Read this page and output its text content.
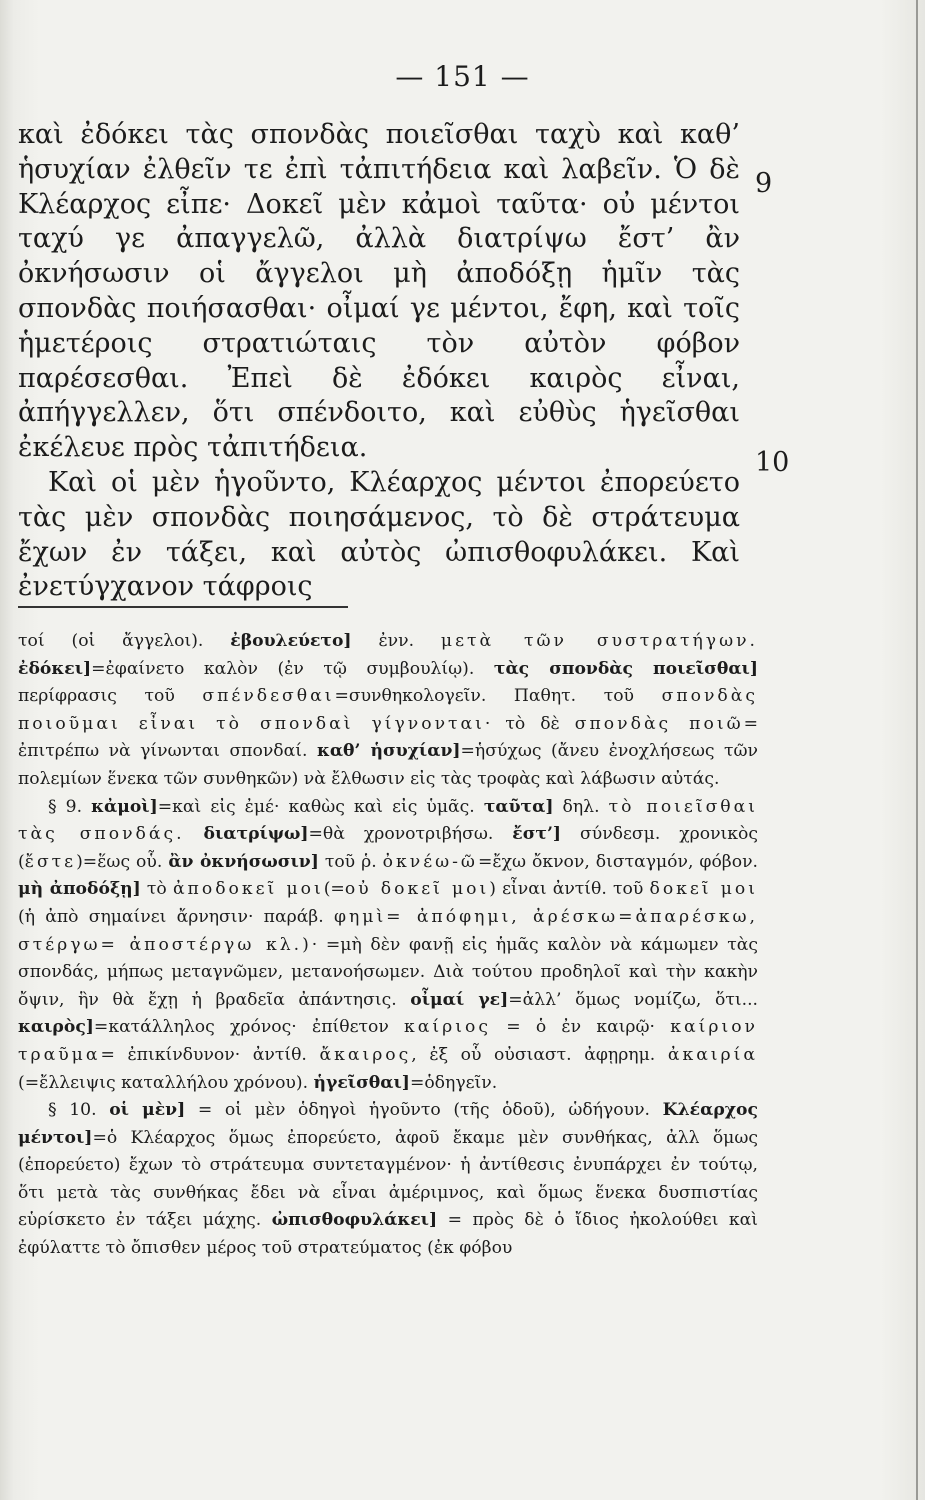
— 151 —

καὶ ἐδόκει τὰς σπονδὰς ποιεῖσθαι ταχὺ καὶ καθ’ ἡσυχίαν ἐλθεῖν τε ἐπὶ τἀπιτήδεια καὶ λαβεῖν. Ὁ δὲ Κλέαρχος εἶπε· Δοκεῖ μὲν κἀμοὶ ταῦτα· οὐ μέντοι ταχύ γε ἀπαγγελῶ, ἀλλὰ διατρίψω ἔστ’ ἂν ὀκνήσωσιν οἱ ἄγγελοι μὴ ἀποδόξῃ ἡμῖν τὰς σπονδὰς ποιήσασθαι· οἶμαί γε μέντοι, ἔφη, καὶ τοῖς ἡμετέροις στρατιώταις τὸν αὐτὸν φόβον παρέσεσθαι. Ἐπεὶ δὲ ἐδόκει καιρὸς εἶναι, ἀπήγγελλεν, ὅτι σπένδοιτο, καὶ εὐθὺς ἡγεῖσθαι ἐκέλευε πρὸς τἀπιτήδεια.

Καὶ οἱ μὲν ἡγοῦντο, Κλέαρχος μέντοι ἐπορεύετο τὰς μὲν σπονδὰς ποιησάμενος, τὸ δὲ στράτευμα ἔχων ἐν τάξει, καὶ αὐτὸς ὠπισθοφυλάκει. Καὶ ἐνετύγχανον τάφροις

9
10

τοί (οἱ ἄγγελοι). ἐβουλεύετο] ἐνν. μετὰ τῶν συστρατήγων. ἐδόκει]=ἐφαίνετο καλὸν (ἐν τῷ συμβουλίῳ). τὰς σπονδὰς ποιεῖσθαι] περίφρασις τοῦ σπένδεσθαι=συνθηκολογεῖν. Παθητ. τοῦ σπονδὰς ποιοῦμαι εἶναι τὸ σπονδαὶ γίγνονται· τὸ δὲ σπονδὰς ποιῶ= ἐπιτρέπω νὰ γίνωνται σπονδαί. καθ’ ἡσυχίαν]=ἡσύχως (ἄνευ ἐνοχλήσεως τῶν πολεμίων ἕνεκα τῶν συνθηκῶν) νὰ ἔλθωσιν εἰς τὰς τροφὰς καὶ λάβωσιν αὐτάς.

§ 9. κἀμοὶ]=καὶ εἰς ἐμέ· καθὼς καὶ εἰς ὑμᾶς. ταῦτα] δηλ. τὸ ποιεῖσθαι τὰς σπονδάς. διατρίψω]=θὰ χρονοτριβήσω. ἔστ’] σύνδεσμ. χρονικὸς (ἔστε)=ἕως οὗ. ἂν ὀκνήσωσιν] τοῦ ῥ. ὀκνέω-ῶ=ἔχω ὄκνον, δισταγμόν, φόβον. μὴ ἀποδόξῃ] τὸ ἀποδοκεῖ μοι(=οὐ δοκεῖ μοι) εἶναι ἀντίθ. τοῦ δοκεῖ μοι (ἡ ἀπὸ σημαίνει ἄρνησιν· παράβ. φημὶ= ἀπόφημι, ἀρέσκω=ἀπαρέσκω, στέργω= ἀποστέργω κλ.)· =μὴ δὲν φανῇ εἰς ἡμᾶς καλὸν νὰ κάμωμεν τὰς σπονδάς, μήπως μεταγνῶμεν, μετανοήσωμεν. Διὰ τούτου προδηλοῖ καὶ τὴν κακὴν ὄψιν, ἣν θὰ ἔχῃ ἡ βραδεῖα ἀπάντησις. οἶμαί γε]=ἀλλ’ ὅμως νομίζω, ὅτι... καιρὸς]=κατάλληλος χρόνος· ἐπίθετον καίριος = ὁ ἐν καιρῷ· καίριον τραῦμα= ἐπικίνδυνον· ἀντίθ. ἄκαιρος, ἐξ οὗ οὐσιαστ. ἀφῃρημ. ἀκαιρία (=ἔλλειψις καταλλήλου χρόνου). ἡγεῖσθαι]=ὁδηγεῖν.

§ 10. οἱ μὲν] = οἱ μὲν ὁδηγοὶ ἡγοῦντο (τῆς ὁδοῦ), ὡδήγουν. Κλέαρχος μέντοι]=ὁ Κλέαρχος ὅμως ἐπορεύετο, ἀφοῦ ἔκαμε μὲν συνθήκας, ἀλλ ὅμως (ἐπορεύετο) ἔχων τὸ στράτευμα συντεταγμένον· ἡ ἀντίθεσις ἐνυπάρχει ἐν τούτῳ, ὅτι μετὰ τὰς συνθήκας ἔδει νὰ εἶναι ἀμέριμνος, καὶ ὅμως ἕνεκα δυσπιστίας εὑρίσκετο ἐν τάξει μάχης. ὠπισθοφυλάκει] = πρὸς δὲ ὁ ἴδιος ἠκολούθει καὶ ἐφύλαττε τὸ ὄπισθεν μέρος τοῦ στρατεύματος (ἐκ φόβου
